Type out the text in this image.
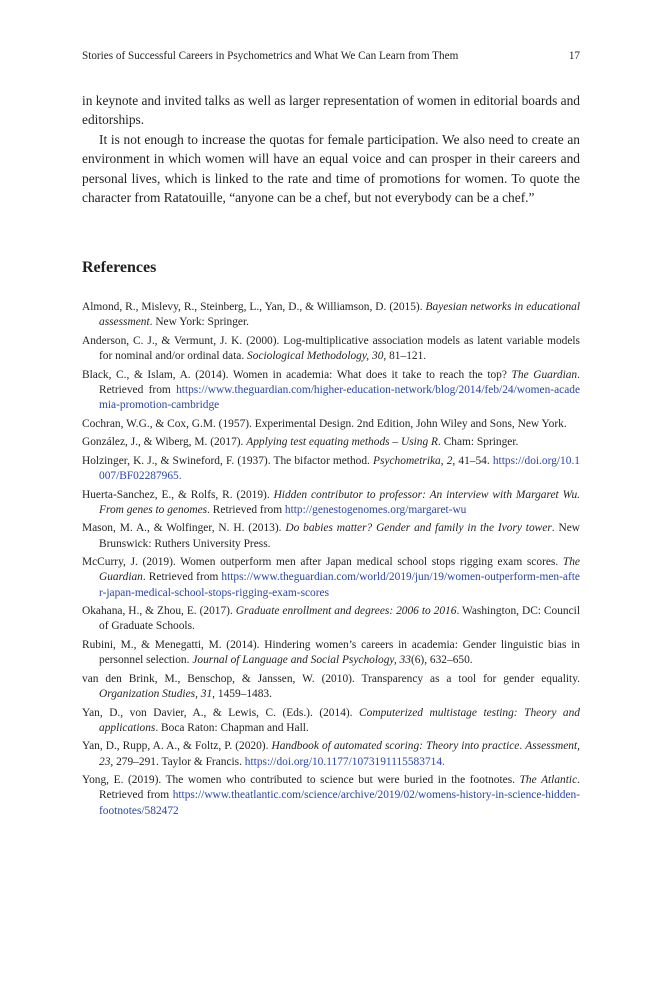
Stories of Successful Careers in Psychometrics and What We Can Learn from Them	17

in keynote and invited talks as well as larger representation of women in editorial boards and editorships.

It is not enough to increase the quotas for female participation. We also need to create an environment in which women will have an equal voice and can prosper in their careers and personal lives, which is linked to the rate and time of promotions for women. To quote the character from Ratatouille, “anyone can be a chef, but not everybody can be a chef.”

References
Almond, R., Mislevy, R., Steinberg, L., Yan, D., & Williamson, D. (2015). Bayesian networks in educational assessment. New York: Springer.
Anderson, C. J., & Vermunt, J. K. (2000). Log-multiplicative association models as latent variable models for nominal and/or ordinal data. Sociological Methodology, 30, 81–121.
Black, C., & Islam, A. (2014). Women in academia: What does it take to reach the top? The Guardian. Retrieved from https://www.theguardian.com/higher-education-network/blog/2014/feb/24/women-academia-promotion-cambridge
Cochran, W.G., & Cox, G.M. (1957). Experimental Design. 2nd Edition, John Wiley and Sons, New York.
González, J., & Wiberg, M. (2017). Applying test equating methods – Using R. Cham: Springer.
Holzinger, K. J., & Swineford, F. (1937). The bifactor method. Psychometrika, 2, 41–54. https://doi.org/10.1007/BF02287965.
Huerta-Sanchez, E., & Rolfs, R. (2019). Hidden contributor to professor: An interview with Margaret Wu. From genes to genomes. Retrieved from http://genestogenomes.org/margaret-wu
Mason, M. A., & Wolfinger, N. H. (2013). Do babies matter? Gender and family in the Ivory tower. New Brunswick: Ruthers University Press.
McCurry, J. (2019). Women outperform men after Japan medical school stops rigging exam scores. The Guardian. Retrieved from https://www.theguardian.com/world/2019/jun/19/women-outperform-men-after-japan-medical-school-stops-rigging-exam-scores
Okahana, H., & Zhou, E. (2017). Graduate enrollment and degrees: 2006 to 2016. Washington, DC: Council of Graduate Schools.
Rubini, M., & Menegatti, M. (2014). Hindering women’s careers in academia: Gender linguistic bias in personnel selection. Journal of Language and Social Psychology, 33(6), 632–650.
van den Brink, M., Benschop, & Janssen, W. (2010). Transparency as a tool for gender equality. Organization Studies, 31, 1459–1483.
Yan, D., von Davier, A., & Lewis, C. (Eds.). (2014). Computerized multistage testing: Theory and applications. Boca Raton: Chapman and Hall.
Yan, D., Rupp, A. A., & Foltz, P. (2020). Handbook of automated scoring: Theory into practice. Assessment, 23, 279–291. Taylor & Francis. https://doi.org/10.1177/1073191115583714.
Yong, E. (2019). The women who contributed to science but were buried in the footnotes. The Atlantic. Retrieved from https://www.theatlantic.com/science/archive/2019/02/womens-history-in-science-hidden-footnotes/582472
